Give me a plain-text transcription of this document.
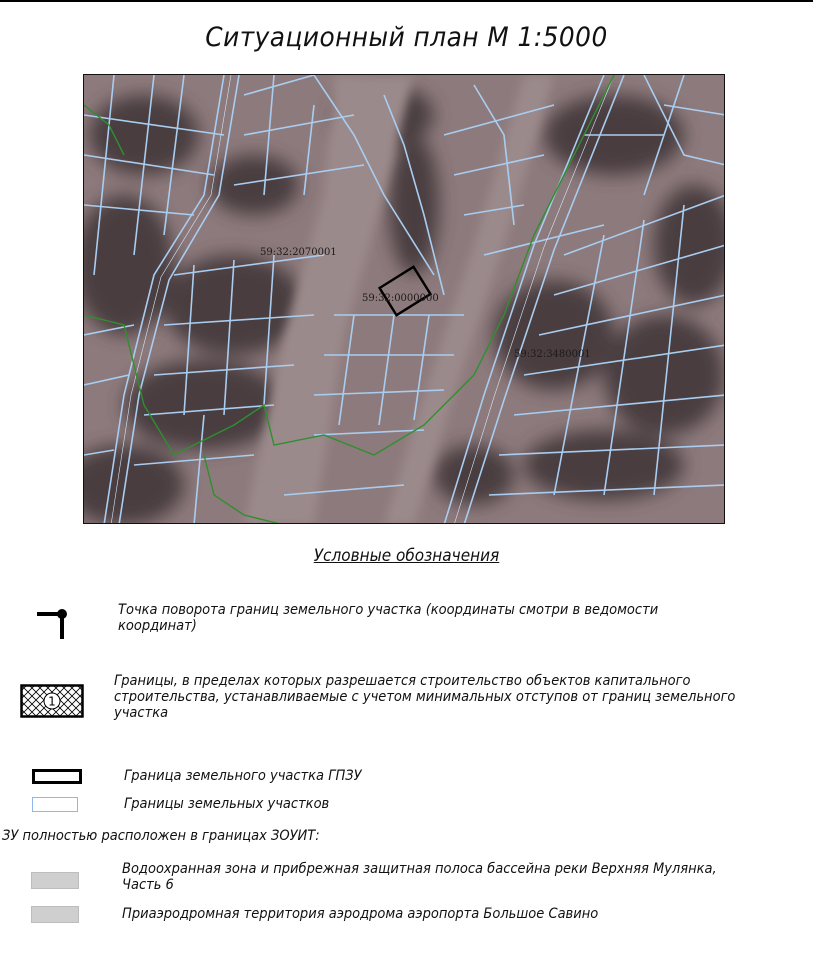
Ситуационный план М 1:5000
59:32:2070001
59:32:0000000
59:32:3480001
Условные обозначения
Точка поворота границ земельного участка (координаты смотри в ведомости координат)
1
Границы, в пределах которых разрешается строительство объектов капитального строительства, устанавливаемые с учетом минимальных отступов от границ земельного участка
Граница земельного участка ГПЗУ
Границы земельных участков
ЗУ полностью расположен в границах ЗОУИТ:
Водоохранная зона и прибрежная защитная полоса бассейна реки Верхняя Мулянка, Часть 6
Приаэродромная территория аэродрома аэропорта Большое Савино
